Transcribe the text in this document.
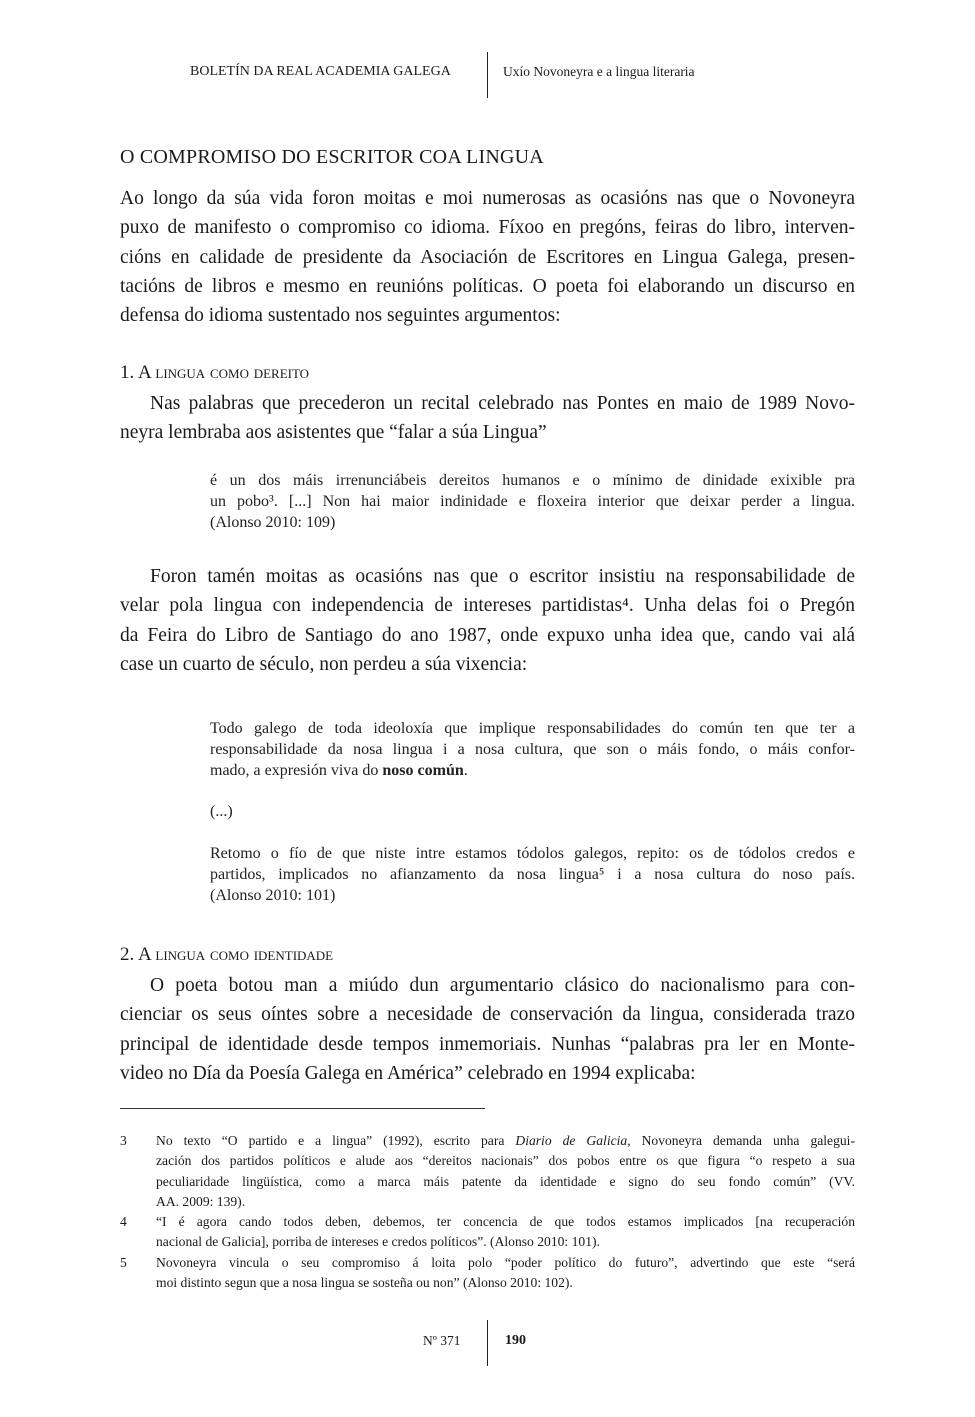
BOLETÍN DA REAL ACADEMIA GALEGA	Uxío Novoneyra e a lingua literaria
O COMPROMISO DO ESCRITOR COA LINGUA
Ao longo da súa vida foron moitas e moi numerosas as ocasións nas que o Novoneyra
puxo de manifesto o compromiso co idioma. Fíxoo en pregóns, feiras do libro, interven-
cións en calidade de presidente da Asociación de Escritores en Lingua Galega, presen-
tacións de libros e mesmo en reunións políticas. O poeta foi elaborando un discurso en
defensa do idioma sustentado nos seguintes argumentos:
1. A lingua como dereito
Nas palabras que precederon un recital celebrado nas Pontes en maio de 1989 Novo-
neyra lembraba aos asistentes que “falar a súa Lingua”
é un dos máis irrenunciábeis dereitos humanos e o mínimo de dinidade exixible pra
un pobo³. [...] Non hai maior indinidade e floxeira interior que deixar perder a lingua.
(Alonso 2010: 109)
Foron tamén moitas as ocasións nas que o escritor insistiu na responsabilidade de
velar pola lingua con independencia de intereses partidistas⁴. Unha delas foi o Pregón
da Feira do Libro de Santiago do ano 1987, onde expuxo unha idea que, cando vai alá
case un cuarto de século, non perdeu a súa vixencia:
Todo galego de toda ideoloxía que implique responsabilidades do común ten que ter a
responsabilidade da nosa lingua i a nosa cultura, que son o máis fondo, o máis confor-
mado, a expresión viva do noso común.
(...)
Retomo o fío de que niste intre estamos tódolos galegos, repito: os de tódolos credos e
partidos, implicados no afianzamento da nosa lingua⁵ i a nosa cultura do noso país.
(Alonso 2010: 101)
2. A lingua como identidade
O poeta botou man a miúdo dun argumentario clásico do nacionalismo para con-
cienciar os seus oíntes sobre a necesidade de conservación da lingua, considerada trazo
principal de identidade desde tempos inmemoriais. Nunhas “palabras pra ler en Monte-
video no Día da Poesía Galega en América” celebrado en 1994 explicaba:
3	No texto “O partido e a lingua” (1992), escrito para Diario de Galicia, Novoneyra demanda unha galegui-
zación dos partidos políticos e alude aos “dereitos nacionais” dos pobos entre os que figura “o respeto a sua
peculiaridade lingüística, como a marca máis patente da identidade e signo do seu fondo común” (VV.
AA. 2009: 139).
4	“I é agora cando todos deben, debemos, ter concencia de que todos estamos implicados [na recuperación
nacional de Galicia], porriba de intereses e credos políticos”. (Alonso 2010: 101).
5	Novoneyra vincula o seu compromiso á loita polo “poder político do futuro”, advertindo que este “será
moi distinto segun que a nosa lingua se sosteña ou non” (Alonso 2010: 102).
Nº 371	190
